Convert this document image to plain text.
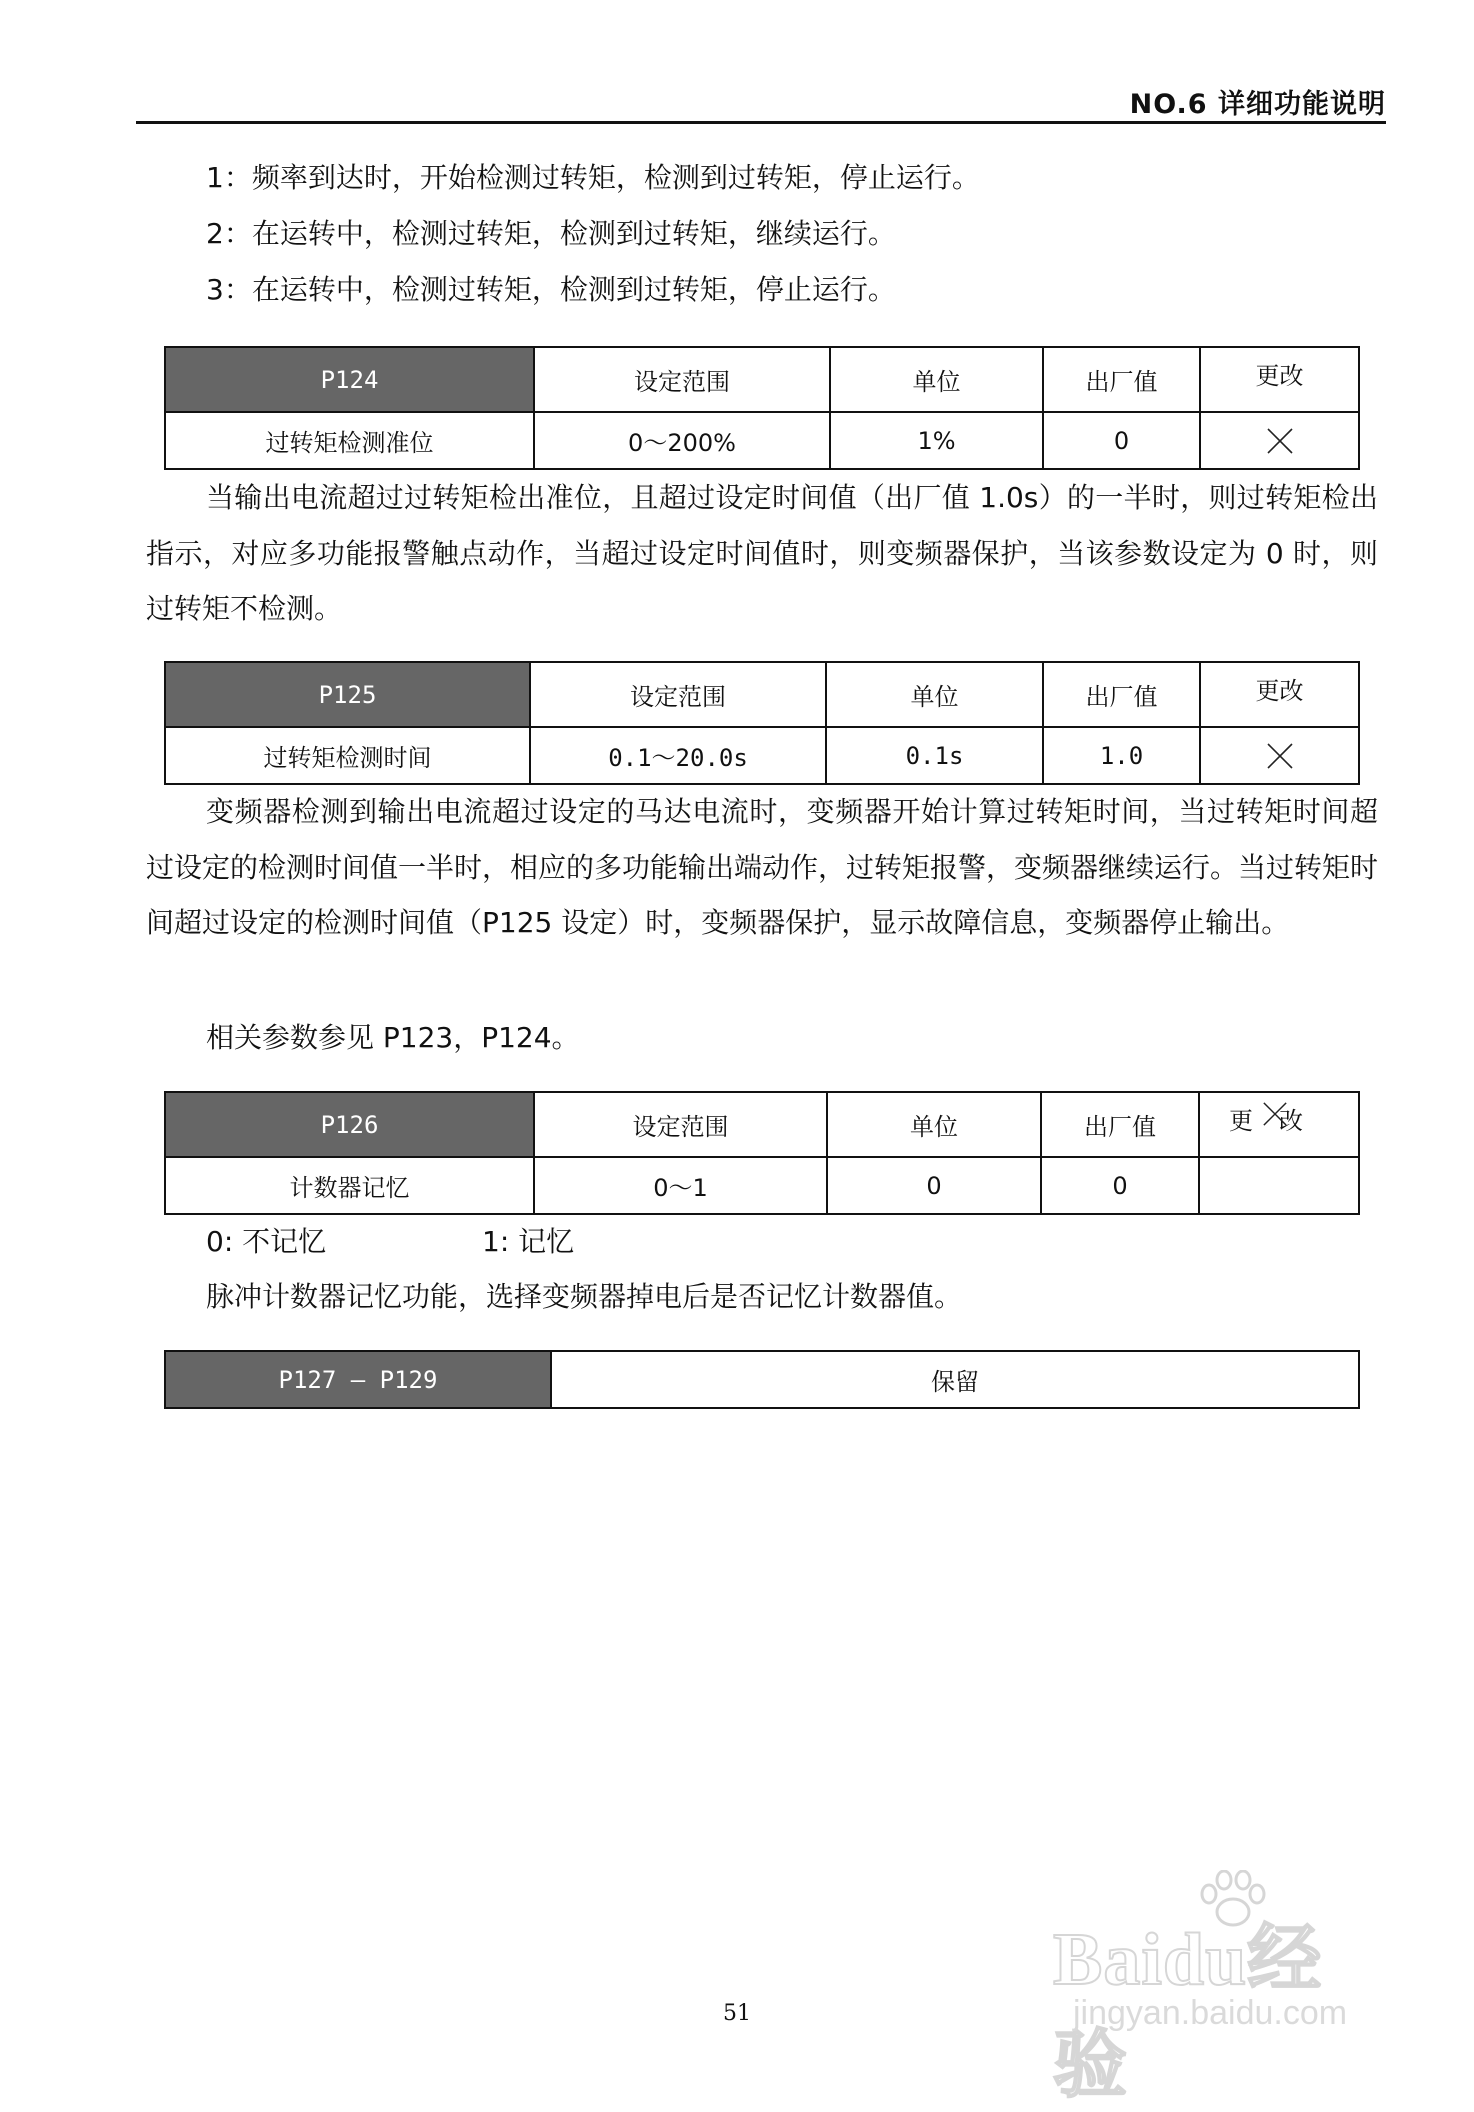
NO.6 详细功能说明
1：频率到达时，开始检测过转矩，检测到过转矩，停止运行。
2：在运转中，检测过转矩，检测到过转矩，继续运行。
3：在运转中，检测过转矩，检测到过转矩，停止运行。
P124	设定范围	单位	出厂值	更改
过转矩检测准位	0～200%	1%	0	
当输出电流超过过转矩检出准位，且超过设定时间值（出厂值 1.0s）的一半时，则过转矩检出指示，对应多功能报警触点动作，当超过设定时间值时，则变频器保护，当该参数设定为 0 时，则过转矩不检测。
P125	设定范围	单位	出厂值	更改
过转矩检测时间	0.1～20.0s	0.1s	1.0	
变频器检测到输出电流超过设定的马达电流时，变频器开始计算过转矩时间，当过转矩时间超过设定的检测时间值一半时，相应的多功能输出端动作，过转矩报警，变频器继续运行。当过转矩时间超过设定的检测时间值（P125 设定）时，变频器保护，显示故障信息，变频器停止输出。
相关参数参见 P123，P124。
P126	设定范围	单位	出厂值	更改

计数器记忆	0～1	0	0	
0: 不记忆	1: 记忆
脉冲计数器记忆功能，选择变频器掉电后是否记忆计数器值。
P127 – P129	保留
51
Baidu经验
jingyan.baidu.com
